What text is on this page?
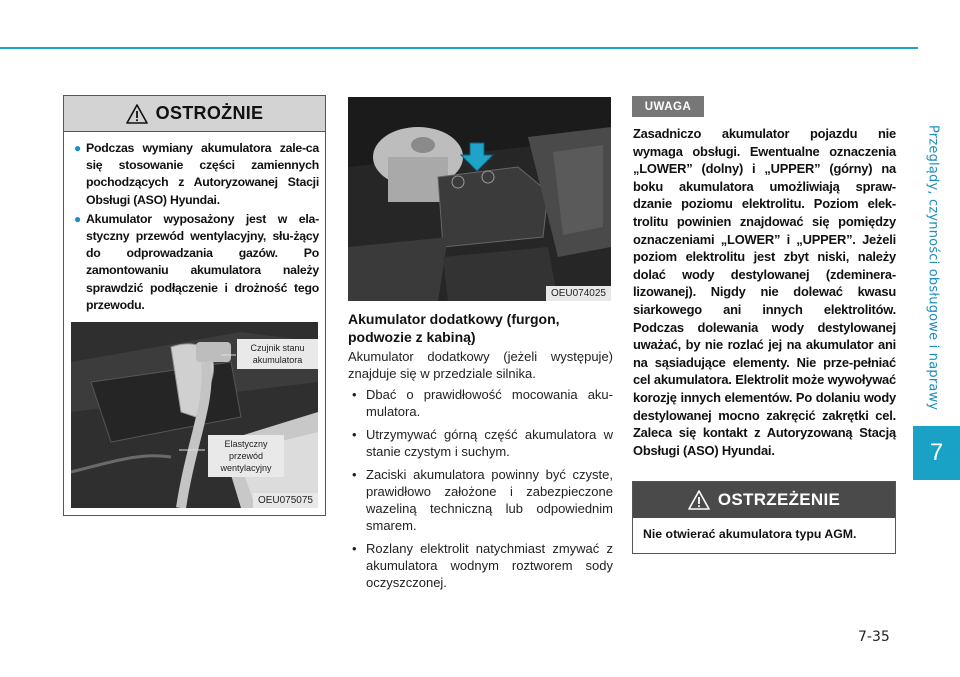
Przeglądy, czynności obsługowe i naprawy
7
7-35
OSTROŻNIE
● Podczas wymiany akumulatora zale-ca się stosowanie części zamiennych pochodzących z Autoryzowanej Stacji Obsługi (ASO) Hyundai.
● Akumulator wyposażony jest w ela-styczny przewód wentylacyjny, słu-żący do odprowadzania gazów. Po zamontowaniu akumulatora należy sprawdzić podłączenie i drożność tego przewodu.
Czujnik stanu akumulatora
Elastyczny przewód wentylacyjny
OEU075075
OEU074025
Akumulator dodatkowy (furgon, podwozie z kabiną)
Akumulator dodatkowy (jeżeli występuje) znajduje się w przedziale silnika.
• Dbać o prawidłowość mocowania aku-mulatora.
• Utrzymywać górną część akumulatora w stanie czystym i suchym.
• Zaciski akumulatora powinny być czyste, prawidłowo założone i zabezpieczone wazeliną techniczną lub odpowiednim smarem.
• Rozlany elektrolit natychmiast zmywać z akumulatora wodnym roztworem sody oczyszczonej.
UWAGA
Zasadniczo akumulator pojazdu nie wymaga obsługi. Ewentualne oznaczenia „LOWER” (dolny) i „UPPER” (górny) na boku akumulatora umożliwiają spraw-dzanie poziomu elektrolitu. Poziom elek-trolitu powinien znajdować się pomiędzy oznaczeniami „LOWER” i „UPPER”. Jeżeli poziom elektrolitu jest zbyt niski, należy dolać wody destylowanej (zdeminera-lizowanej). Nigdy nie dolewać kwasu siarkowego ani innych elektrolitów. Podczas dolewania wody destylowanej uważać, by nie rozlać jej na akumulator ani na sąsiadujące elementy. Nie prze-pełniać cel akumulatora. Elektrolit może wywoływać korozję innych elementów. Po dolaniu wody destylowanej mocno zakręcić zakrętki cel. Zaleca się kontakt z Autoryzowaną Stacją Obsługi (ASO) Hyundai.
OSTRZEŻENIE
Nie otwierać akumulatora typu AGM.
